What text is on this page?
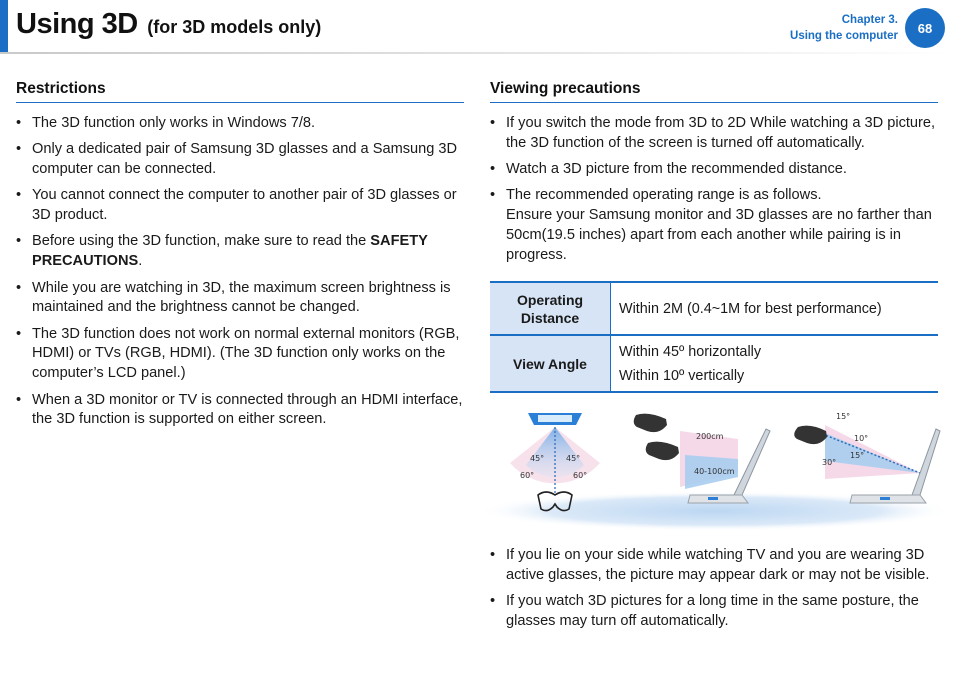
Using 3D (for 3D models only)	Chapter 3.
Using the computer
68
Restrictions
• The 3D function only works in Windows 7/8.
• Only a dedicated pair of Samsung 3D glasses and a Samsung 3D computer can be connected.
• You cannot connect the computer to another pair of 3D glasses or 3D product.
• Before using the 3D function, make sure to read the SAFETY PRECAUTIONS.
• While you are watching in 3D, the maximum screen brightness is maintained and the brightness cannot be changed.
• The 3D function does not work on normal external monitors (RGB, HDMI) or TVs (RGB, HDMI). (The 3D function only works on the computer’s LCD panel.)
• When a 3D monitor or TV is connected through an HDMI interface, the 3D function is supported on either screen.
Viewing precautions
• If you switch the mode from 3D to 2D While watching a 3D picture, the 3D function of the screen is turned off automatically.
• Watch a 3D picture from the recommended distance.
• The recommended operating range is as follows.
Ensure your Samsung monitor and 3D glasses are no farther than 50cm(19.5 inches) apart from each another while pairing is in progress.
Operating Distance	Within 2M (0.4~1M for best performance)
View Angle	Within 45º horizontally
Within 10º vertically
45°	45°
60°	60°
200cm
40-100cm
15°
10°
15°
30°
• If you lie on your side while watching TV and you are wearing 3D active glasses, the picture may appear dark or may not be visible.
• If you watch 3D pictures for a long time in the same posture, the glasses may turn off automatically.
